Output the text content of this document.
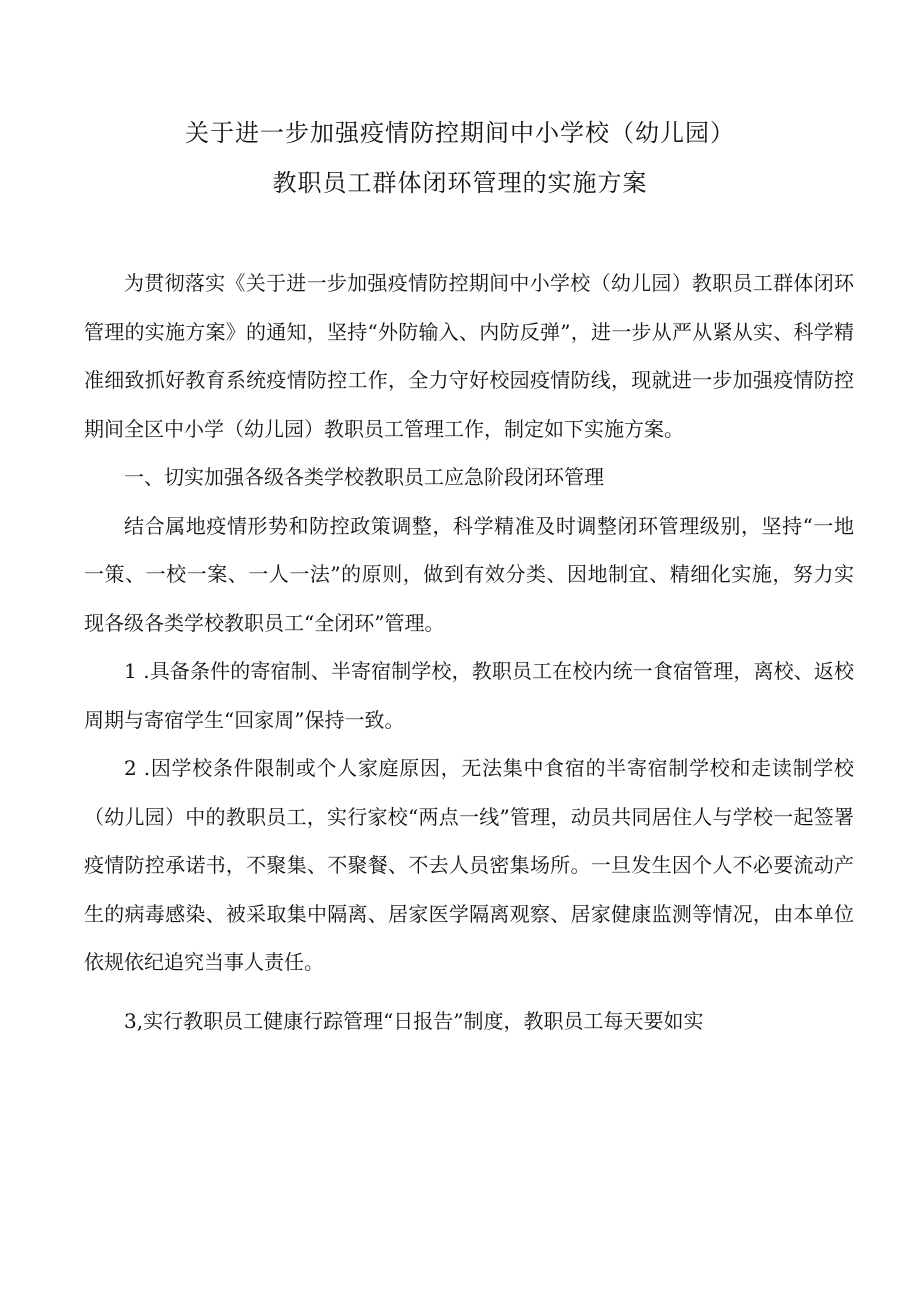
关于进一步加强疫情防控期间中小学校（幼儿园）
教职员工群体闭环管理的实施方案

为贯彻落实《关于进一步加强疫情防控期间中小学校（幼儿园）教职员工群体闭环管理的实施方案》的通知，坚持“外防输入、内防反弹”，进一步从严从紧从实、科学精准细致抓好教育系统疫情防控工作，全力守好校园疫情防线，现就进一步加强疫情防控期间全区中小学（幼儿园）教职员工管理工作，制定如下实施方案。

一、切实加强各级各类学校教职员工应急阶段闭环管理

结合属地疫情形势和防控政策调整，科学精准及时调整闭环管理级别，坚持“一地一策、一校一案、一人一法”的原则，做到有效分类、因地制宜、精细化实施，努力实现各级各类学校教职员工“全闭环”管理。

1 .具备条件的寄宿制、半寄宿制学校，教职员工在校内统一食宿管理，离校、返校周期与寄宿学生“回家周”保持一致。

2 .因学校条件限制或个人家庭原因，无法集中食宿的半寄宿制学校和走读制学校（幼儿园）中的教职员工，实行家校“两点一线”管理，动员共同居住人与学校一起签署疫情防控承诺书，不聚集、不聚餐、不去人员密集场所。一旦发生因个人不必要流动产生的病毒感染、被采取集中隔离、居家医学隔离观察、居家健康监测等情况，由本单位依规依纪追究当事人责任。

3,实行教职员工健康行踪管理“日报告”制度，教职员工每天要如实
